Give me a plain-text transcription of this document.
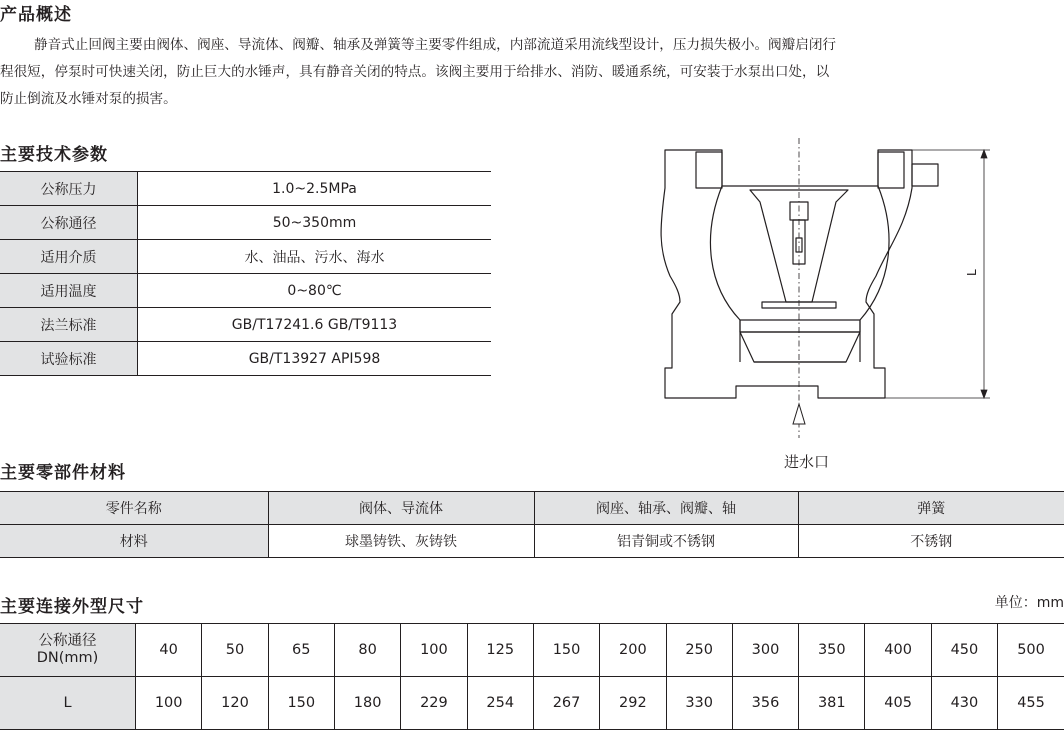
产品概述
静音式止回阀主要由阀体、阀座、导流体、阀瓣、轴承及弹簧等主要零件组成，内部流道采用流线型设计，压力损失极小。阀瓣启闭行
程很短，停泵时可快速关闭，防止巨大的水锤声，具有静音关闭的特点。该阀主要用于给排水、消防、暖通系统，可安装于水泵出口处，以
防止倒流及水锤对泵的损害。
主要技术参数
公称压力	1.0~2.5MPa
公称通径	50~350mm
适用介质	水、油品、污水、海水
适用温度	0~80℃
法兰标准	GB/T17241.6 GB/T9113
试验标准	GB/T13927 API598
L
进水口
主要零部件材料
零件名称	阀体、导流体	阀座、轴承、阀瓣、轴	弹簧
材料	球墨铸铁、灰铸铁	铝青铜或不锈钢	不锈钢
主要连接外型尺寸	单位：mm
公称通径
DN(mm)	40	50	65	80	100	125	150	200	250	300	350	400	450	500
L	100	120	150	180	229	254	267	292	330	356	381	405	430	455
